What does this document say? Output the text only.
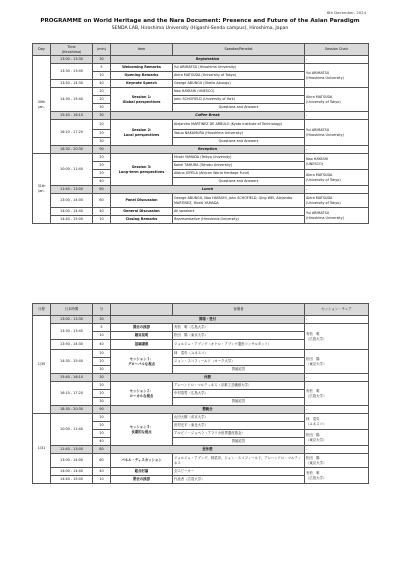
6th December, 2024
PROGRAMME on World Heritage and the Nara Document: Presence and Future of the Asian Paradigm
SENDA LAB, Hiroshima University (Higashi-Senda campus), Hiroshima, Japan
Day	Time
(Hiroshima)	(min)	Item	Speaker/Panelist	Session Chair
30th
Jan.	13:00 - 13:30	30	Registration		-
	13:30 - 13:45	5	Welcoming Remarks	Yui ARIMATSU (Hiroshima University)	Yui ARIMATSU
(Hiroshima University)
		10	Opening Remarks	Akira MATSUDA (University of Tokyo)	
	13:50 - 14:30	40	Keynote Speech	George ABUNGU (Okello Abungu)	
	14:30 - 15:40	20	Session 1:
Global perspectives	Nao HAYASHI (UNESCO)	Akira MATSUDA
(University of Tokyo)
		20		John SCHOFIELD (University of York)	
		30		Questions and Answers	
	15:40 - 16:10	30	Coffee Break		-
	16:10 - 17:20	20	Session 2:
Local perspectives	Alejandro MARTINEZ DE ARBULO (Kyoto Institute of Technology)	Yui ARIMATSU
(Hiroshima University)
		20		Yasuo NAKAMURA (Hiroshima University)	
		30		Questions and Answers	
	18:30 - 20:30	90	Reception		-
31th
Jan.	10:00 - 11:40	20	Session 3:
Long-term perspectives	Hiroki YAMADA (Teikyo University)	Nao HAYASHI
(UNESCO)
		20		Kohei TAMURA (Tohoku University)	
		20		Albino JOPELA (African World Heritage Fund)	Akira MATSUDA
(University of Tokyo)
		40		Questions and Answers	
	11:40 - 13:00	80	Lunch		-
	13:00 - 14:00	60	Panel Discussion	George ABUNGU, Nao HAYASHI, John SCHOFIELD, Qing WEI, Alejandro MARTINEZ, Hiroki YAMADA	Akira MATSUDA
(University of Tokyo)
	14:00 - 14:40	40	General Discussion	All speakers	Yui ARIMATSU
(Hiroshima University)
	14:40 - 15:00	10	Closing Remarks	Representative (Hiroshima University)	
日程	日本時間	分		登壇者	セッション・チェア
1/30	13:00 - 13:30	30	開場・受付		-
	13:30 - 13:45	5	開会の挨拶	有松　唯（広島大学）	有松　唯
（広島大学）
		10	趣旨説明	松田　陽（東京大学）	
	13:50 - 14:30	40	基調講演	ジョルジュ・アブング（オケロ・アブング遺産コンサルタント）	
	14:30 - 15:40	20	セッション１：
グローバルな視点	林　菜央（ユネスコ）	松田　陽
（東京大学）
		20		ジョン・スコフィールド（ヨーク大学）	
		30		質疑応答	
	15:40 - 16:10	30	休憩		-
	16:10 - 17:20	20	セッション２：
ローカルな視点	アレハンドロ・マルティネス（京都工芸繊維大学）	有松　唯
（広島大学）
		20		中村泰男（広島大学）	
		30		質疑応答	
	18:30 - 20:30	90	懇親会		-
1/31	10:00 - 11:40	20	セッション３：
長期的な視点	山田大樹（帝京大学）	林　菜央
（ユネスコ）
		20		田村光平（東北大学）	
		20		アルビノ・ジョペラ（アフリカ世界遺産基金）	松田　陽
（東京大学）
		40		質疑応答	
	11:40 - 13:00	80	昼休憩		-
	13:00 - 14:00	60	パネル・ディスカッション	ジョルジュ・アブング、林菜央、ジョン・スコフィールド、アレハンドロ・マルティネス	松田　陽
（東京大学）
	14:00 - 14:40	40	総合討論	全スピーカー	有松　唯
（広島大学）
	14:40 - 15:00	10	閉会の挨拶	代表者（広島大学）	
